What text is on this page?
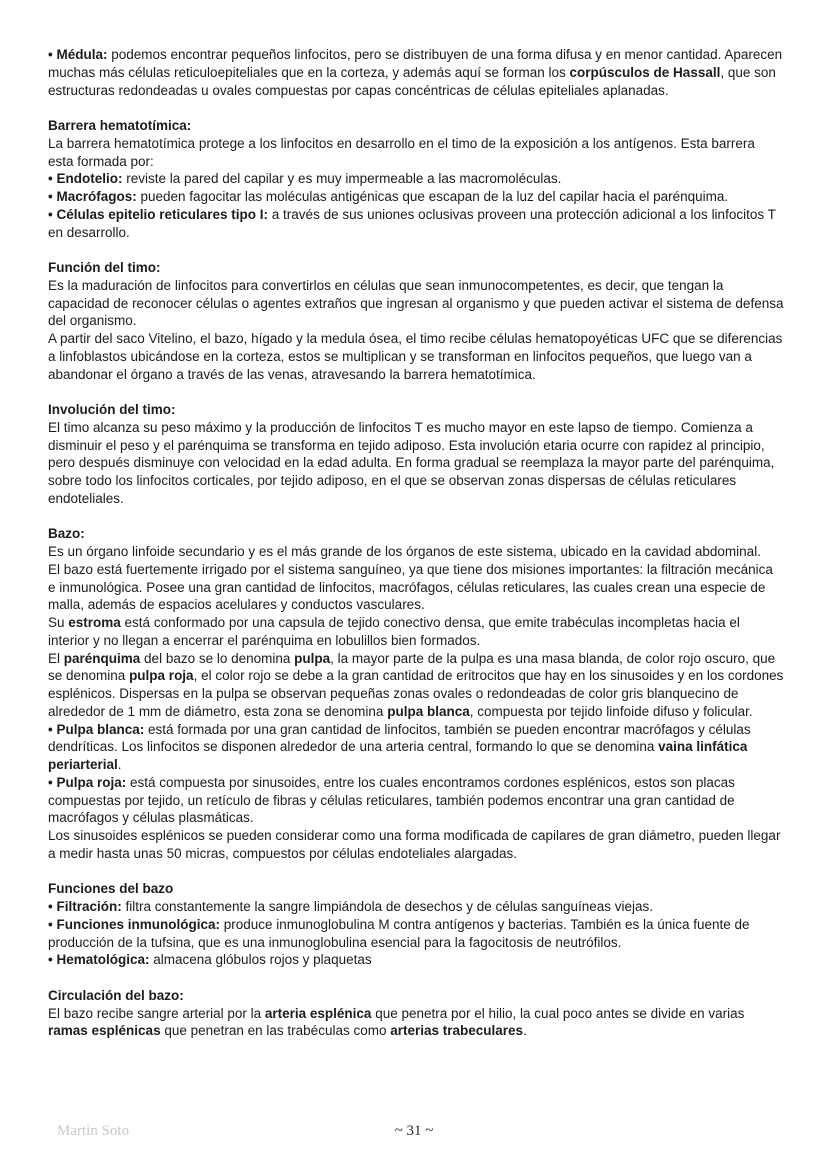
• Médula: podemos encontrar pequeños linfocitos, pero se distribuyen de una forma difusa y en menor cantidad. Aparecen muchas más células reticuloepiteliales que en la corteza, y además aquí se forman los corpúsculos de Hassall, que son estructuras redondeadas u ovales compuestas por capas concéntricas de células epiteliales aplanadas.

Barrera hematotímica:

La barrera hematotímica protege a los linfocitos en desarrollo en el timo de la exposición a los antígenos. Esta barrera esta formada por:

• Endotelio: reviste la pared del capilar y es muy impermeable a las macromoléculas.

• Macrófagos: pueden fagocitar las moléculas antigénicas que escapan de la luz del capilar hacia el parénquima.

• Células epitelio reticulares tipo I: a través de sus uniones oclusivas proveen una protección adicional a los linfocitos T en desarrollo.

Función del timo:

Es la maduración de linfocitos para convertirlos en células que sean inmunocompetentes, es decir, que tengan la capacidad de reconocer células o agentes extraños que ingresan al organismo y que pueden activar el sistema de defensa del organismo.

A partir del saco Vitelino, el bazo, hígado y la medula ósea, el timo recibe células hematopoyéticas UFC que se diferencias a linfoblastos ubicándose en la corteza, estos se multiplican y se transforman en linfocitos pequeños, que luego van a abandonar el órgano a través de las venas, atravesando la barrera hematotímica.

Involución del timo:

El timo alcanza su peso máximo y la producción de linfocitos T es mucho mayor en este lapso de tiempo. Comienza a disminuir el peso y el parénquima se transforma en tejido adiposo. Esta involución etaria ocurre con rapidez al principio, pero después disminuye con velocidad en la edad adulta. En forma gradual se reemplaza la mayor parte del parénquima, sobre todo los linfocitos corticales, por tejido adiposo, en el que se observan zonas dispersas de células reticulares endoteliales.

Bazo:

Es un órgano linfoide secundario y es el más grande de los órganos de este sistema, ubicado en la cavidad abdominal.

El bazo está fuertemente irrigado por el sistema sanguíneo, ya que tiene dos misiones importantes: la filtración mecánica e inmunológica. Posee una gran cantidad de linfocitos, macrófagos, células reticulares, las cuales crean una especie de malla, además de espacios acelulares y conductos vasculares.

Su estroma está conformado por una capsula de tejido conectivo densa, que emite trabéculas incompletas hacia el interior y no llegan a encerrar el parénquima en lobulillos bien formados.

El parénquima del bazo se lo denomina pulpa, la mayor parte de la pulpa es una masa blanda, de color rojo oscuro, que se denomina pulpa roja, el color rojo se debe a la gran cantidad de eritrocitos que hay en los sinusoides y en los cordones esplénicos. Dispersas en la pulpa se observan pequeñas zonas ovales o redondeadas de color gris blanquecino de alrededor de 1 mm de diámetro, esta zona se denomina pulpa blanca, compuesta por tejido linfoide difuso y folicular.

• Pulpa blanca: está formada por una gran cantidad de linfocitos, también se pueden encontrar macrófagos y células dendríticas. Los linfocitos se disponen alrededor de una arteria central, formando lo que se denomina vaina linfática periarterial.

• Pulpa roja: está compuesta por sinusoides, entre los cuales encontramos cordones esplénicos, estos son placas compuestas por tejido, un retículo de fibras y células reticulares, también podemos encontrar una gran cantidad de macrófagos y células plasmáticas.

Los sinusoides esplénicos se pueden considerar como una forma modificada de capilares de gran diámetro, pueden llegar a medir hasta unas 50 micras, compuestos por células endoteliales alargadas.

Funciones del bazo

• Filtración: filtra constantemente la sangre limpiándola de desechos y de células sanguíneas viejas.

• Funciones inmunológica: produce inmunoglobulina M contra antígenos y bacterias. También es la única fuente de producción de la tufsina, que es una inmunoglobulina esencial para la fagocitosis de neutrófilos.

• Hematológica: almacena glóbulos rojos y plaquetas

Circulación del bazo:

El bazo recibe sangre arterial por la arteria esplénica que penetra por el hilio, la cual poco antes se divide en varias ramas esplénicas que penetran en las trabéculas como arterias trabeculares.

Martin Soto	~ 31 ~
